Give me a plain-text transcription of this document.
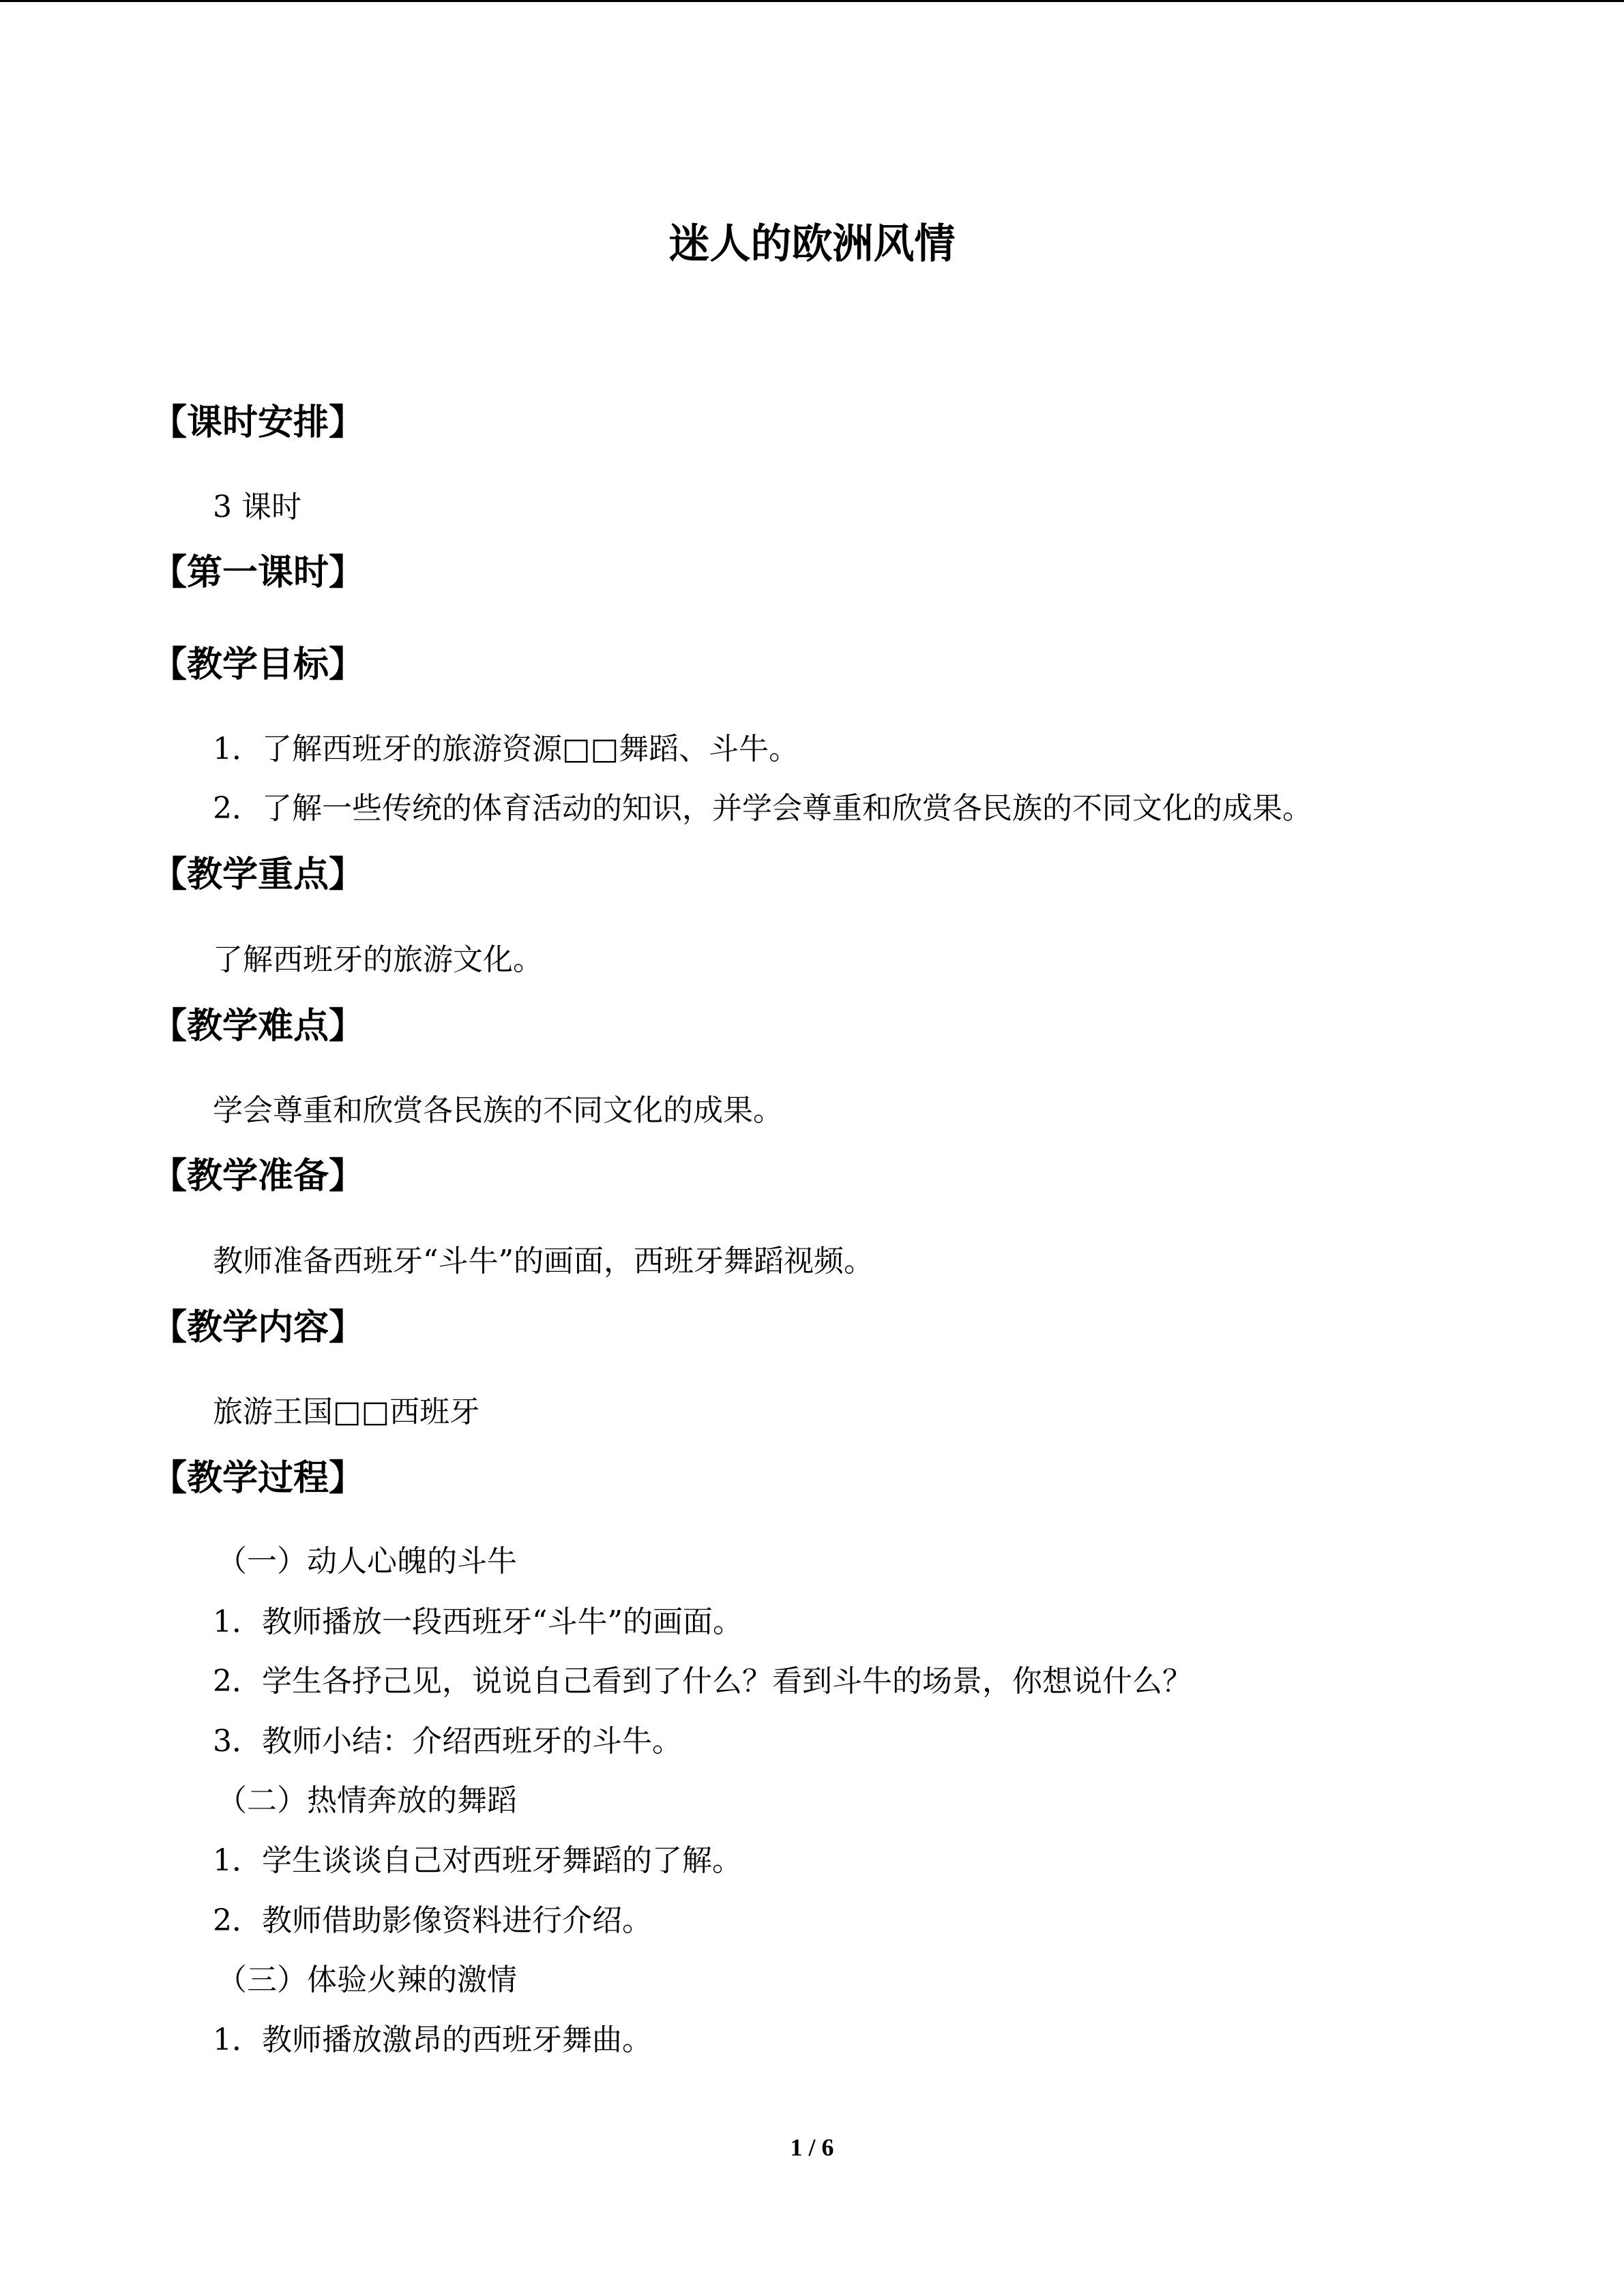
迷人的欧洲风情
【课时安排】
3 课时
【第一课时】
【教学目标】
1．了解西班牙的旅游资源□□舞蹈、斗牛。
2．了解一些传统的体育活动的知识，并学会尊重和欣赏各民族的不同文化的成果。
【教学重点】
了解西班牙的旅游文化。
【教学难点】
学会尊重和欣赏各民族的不同文化的成果。
【教学准备】
教师准备西班牙“斗牛”的画面，西班牙舞蹈视频。
【教学内容】
旅游王国□□西班牙
【教学过程】
（一）动人心魄的斗牛
1．教师播放一段西班牙“斗牛”的画面。
2．学生各抒己见，说说自己看到了什么？看到斗牛的场景，你想说什么？
3．教师小结：介绍西班牙的斗牛。
（二）热情奔放的舞蹈
1．学生谈谈自己对西班牙舞蹈的了解。
2．教师借助影像资料进行介绍。
（三）体验火辣的激情
1．教师播放激昂的西班牙舞曲。
1 / 6
